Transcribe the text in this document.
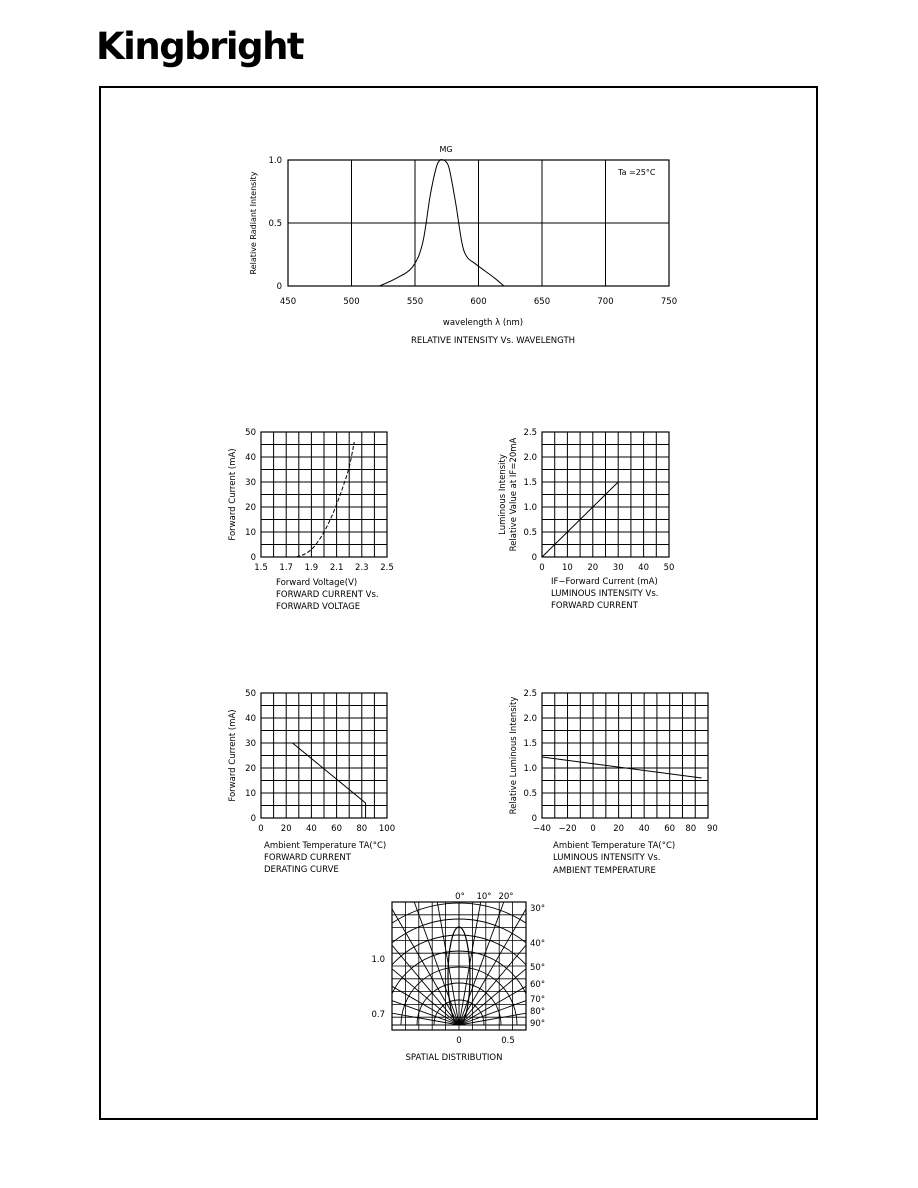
Kingbright
MG
Ta =25°C
Relative Radiant Intensity
wavelength λ (nm)
RELATIVE INTENSITY Vs. WAVELENGTH
450	500	550	600	650	700	750
0
0.5
1.0
Forward Current (mA)
Forward Voltage(V)
FORWARD CURRENT Vs.
FORWARD VOLTAGE
1.5 1.7 1.9 2.1 2.3 2.5
0
10
20
30
40
50
Luminous Intensity Relative Value at IF=20mA
IF−Forward Current (mA)
LUMINOUS INTENSITY Vs.
FORWARD CURRENT
0 10 20 30 40 50
0
0.5
1.0
1.5
2.0
2.5
Forward Current (mA)
Ambient Temperature TA(°C)
FORWARD CURRENT
DERATING CURVE
0 20 40 60 80 100
0
10
20
30
40
50
Relative Luminous Intensity
Ambient Temperature TA(°C)
LUMINOUS INTENSITY Vs.
AMBIENT TEMPERATURE
−40 −20 0 20 40 60 80 90
0
0.5
1.0
1.5
2.0
2.5
0° 10° 20°
30°
40°
50°
60°
70°
80°
90°
1.0
0.7
0	0.5
SPATIAL DISTRIBUTION
